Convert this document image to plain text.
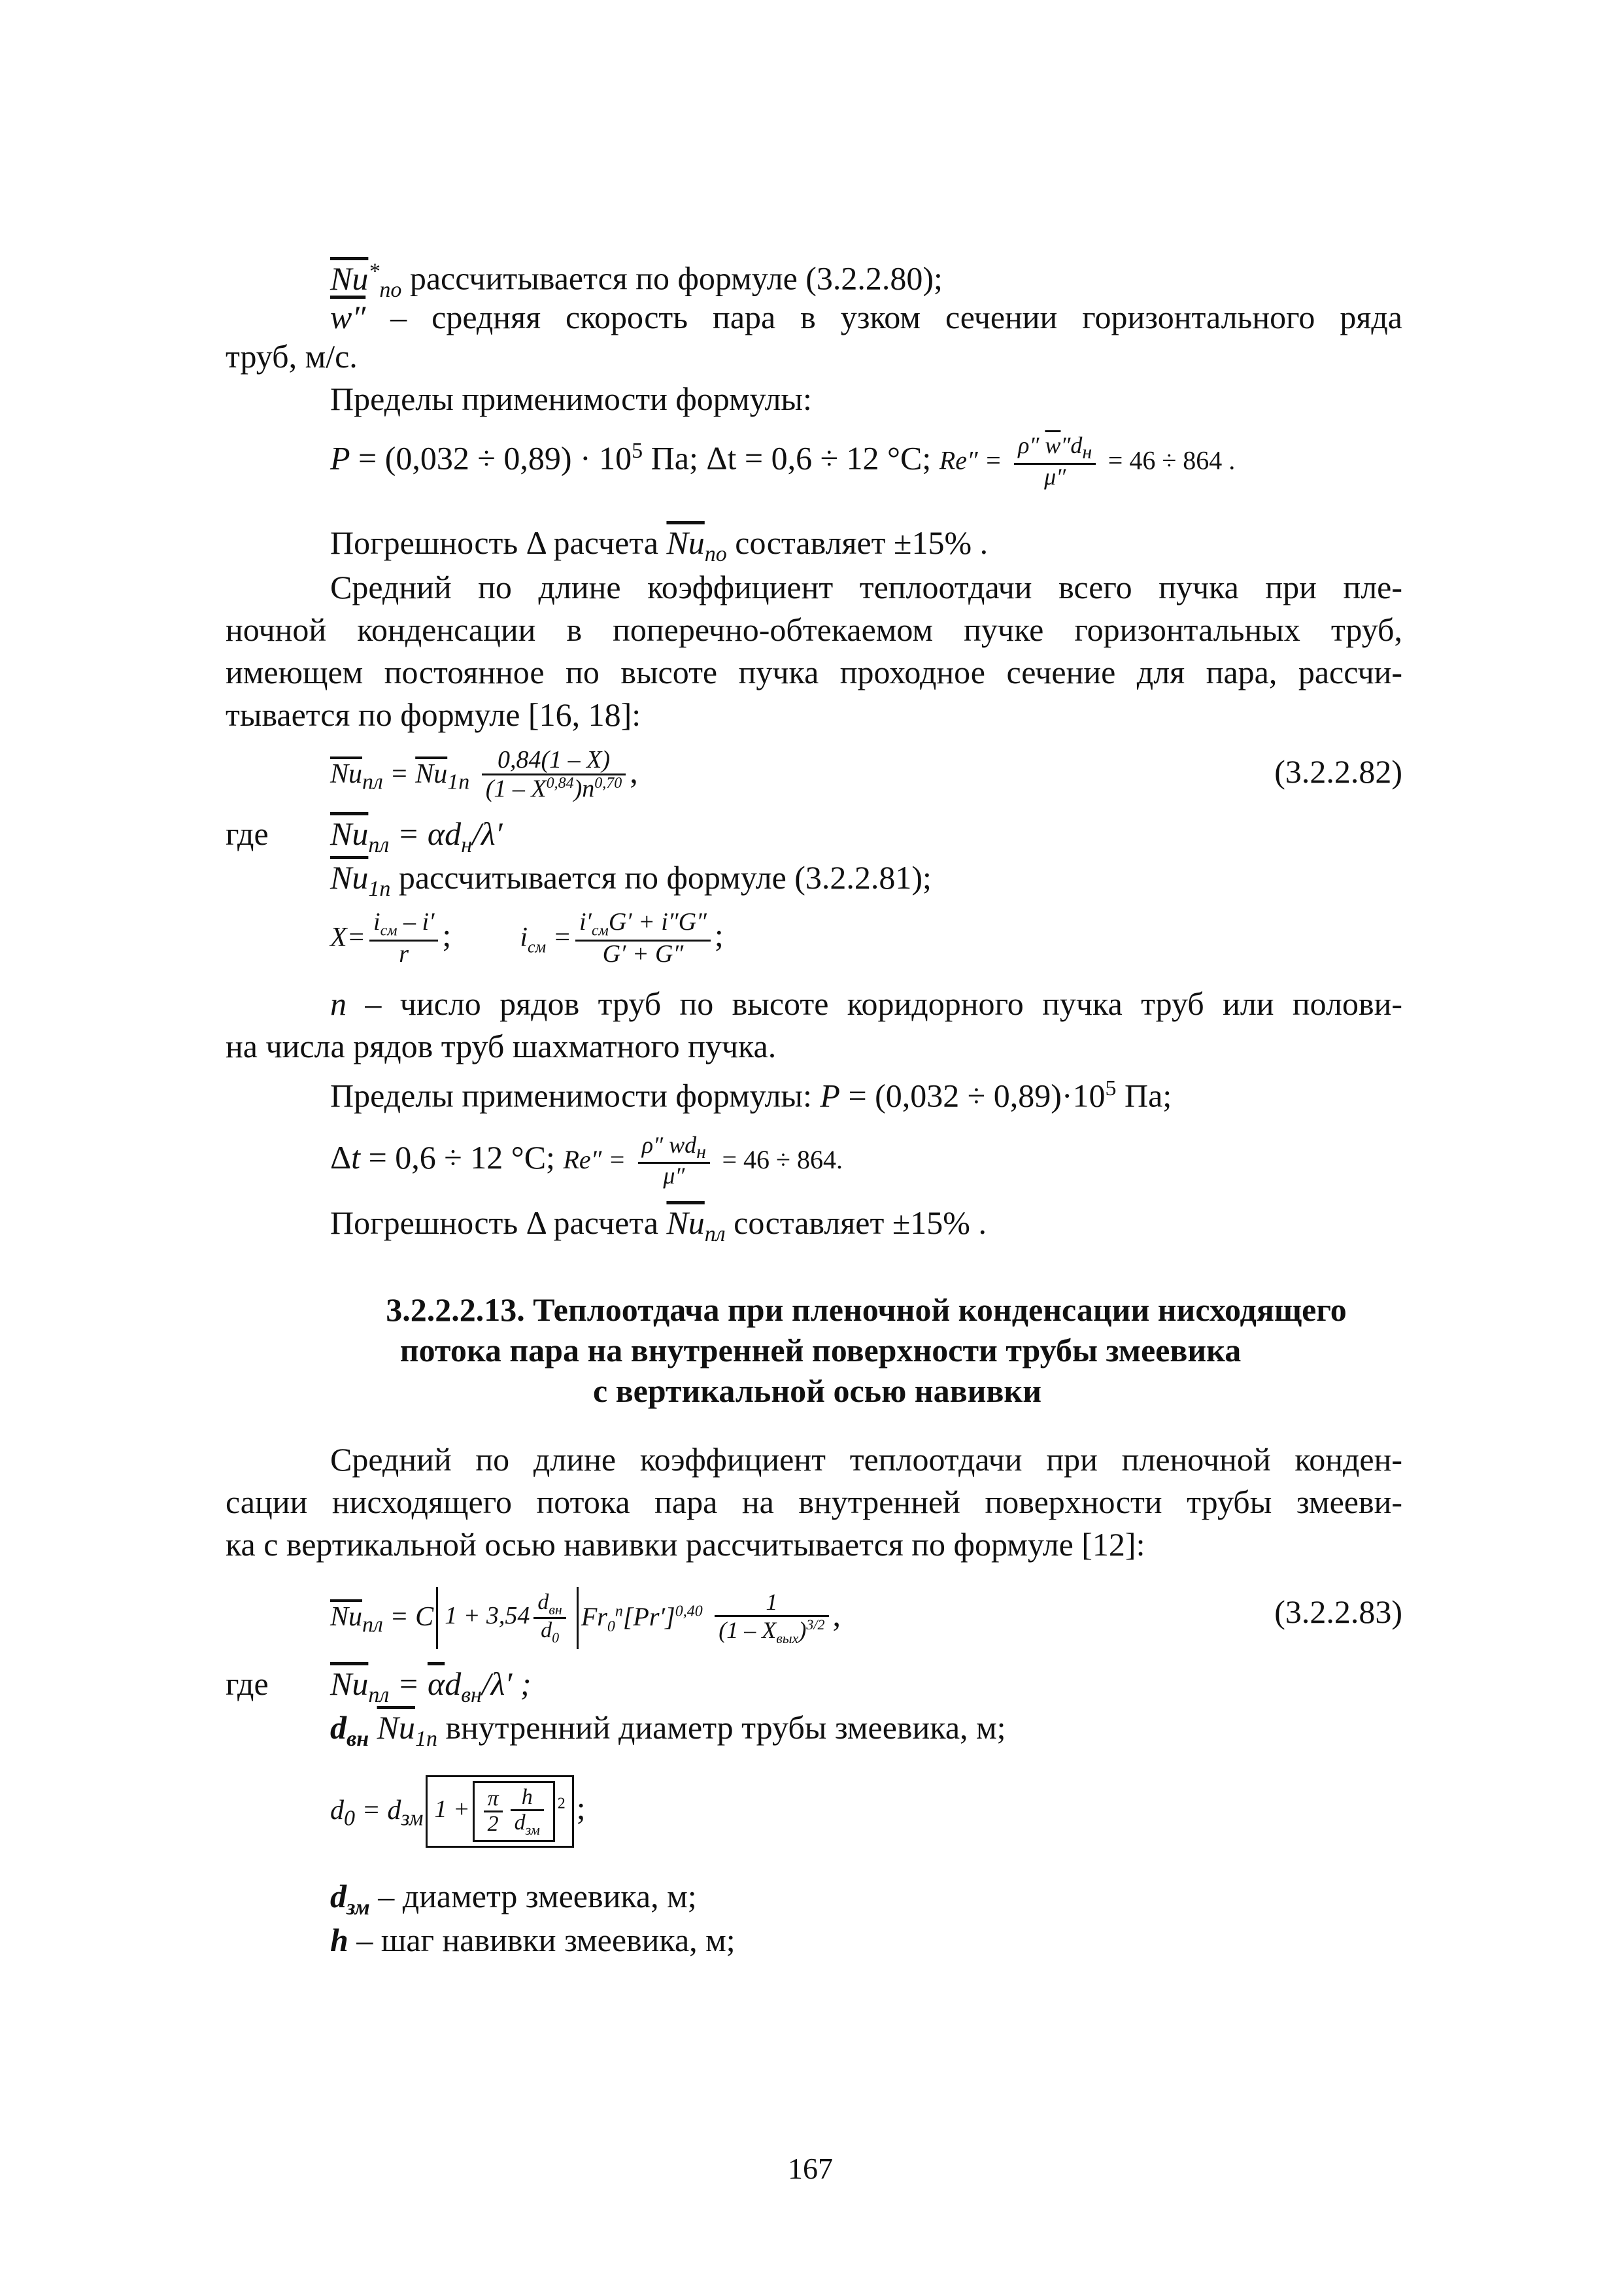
$\overline{Nu}^*_{по}$ рассчитывается по формуле (3.2.2.80);
w″ – средняя скорость пара в узком сечении горизонтального ряда
труб, м/с.
Пределы применимости формулы:
$P = (0,032 \div 0,89) \cdot 10^5$ Па; Δt = 0,6 ÷ 12 °C; $Re'' = \frac{\rho'' \overline{w}''d_н}{\mu''} = 46 \div 864$ .
Погрешность Δ расчета $\overline{Nu}_{по}$ составляет ±15% .
Средний по длине коэффициент теплоотдачи всего пучка при пле-
ночной конденсации в поперечно-обтекаемом пучке горизонтальных труб,
имеющем постоянное по высоте пучка проходное сечение для пара, рассчи-
тывается по формуле [16, 18]:
$\overline{Nu}_{пл} = \overline{Nu}_{1п} \frac{0,84(1 - X)}{(1 - X^{0,84})n^{0,70}}$ ,	(3.2.2.82)
где $\overline{Nu}_{пл} = \alpha d_н/\lambda'$
$\overline{Nu}_{1п}$ рассчитывается по формуле (3.2.2.81);
$X= \frac{i_{см} - i'}{r}$ ;  $i_{см} = \frac{i'_{см}G' + i''G''}{G' + G''}$ ;
n – число рядов труб по высоте коридорного пучка труб или полови-
на числа рядов труб шахматного пучка.
Пределы применимости формулы: $P = (0,032 \div 0,89)\cdot 10^5$ Па;
Δt = 0,6 ÷ 12 °C; $Re'' = \frac{\rho'' wd_н}{\mu''} = 46 \div 864$.
Погрешность Δ расчета $\overline{Nu}_{пл}$ составляет ±15% .
3.2.2.2.13. Теплоотдача при пленочной конденсации нисходящего
потока пара на внутренней поверхности трубы змеевика
с вертикальной осью навивки
Средний по длине коэффициент теплоотдачи при пленочной конден-
сации нисходящего потока пара на внутренней поверхности трубы змееви-
ка с вертикальной осью навивки рассчитывается по формуле [12]:
$\overline{Nu}_{пл} = C$ $1 + 3,54 \frac{d_{вн}}{d_0} Fr_0^n[Pr']^{0,40} \frac{1}{(1 - X_{вых})^{3/2}}$ ,	(3.2.2.83)
где $\overline{Nu}_{пл} = \overline{\alpha}d_{вн}/\lambda'$ ;
$d_{вн}$ $\overline{Nu}_{1п}$ внутренний диаметр трубы змеевика, м;
$d_0 = d_{зм}$ $1 + \frac{\pi}{2} \frac{h}{d_{зм}} ^2$ ;
$d_{зм}$ – диаметр змеевика, м;
h – шаг навивки змеевика, м;
167
